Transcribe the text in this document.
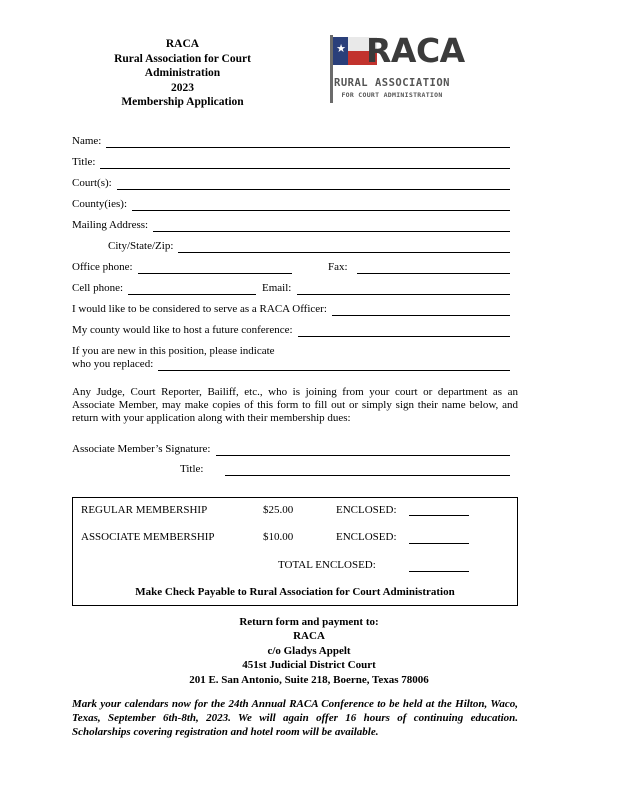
RACA
Rural Association for Court
Administration
2023
Membership Application
★ RACA
RURAL ASSOCIATION
FOR COURT ADMINISTRATION
Name:
Title:
Court(s):
County(ies):
Mailing Address:
City/State/Zip:
Office phone:	Fax:
Cell phone:	Email:
I would like to be considered to serve as a RACA Officer:
My county would like to host a future conference:
If you are new in this position, please indicate
who you replaced:
Any Judge, Court Reporter, Bailiff, etc., who is joining from your court or department as an Associate Member, may make copies of this form to fill out or simply sign their name below, and return with your application along with their membership dues:
Associate Member’s Signature:
Title:
REGULAR MEMBERSHIP	$25.00	ENCLOSED:
ASSOCIATE MEMBERSHIP	$10.00	ENCLOSED:
TOTAL ENCLOSED:
Make Check Payable to Rural Association for Court Administration
Return form and payment to:
RACA
c/o Gladys Appelt
451st Judicial District Court
201 E. San Antonio, Suite 218, Boerne, Texas 78006
Mark your calendars now for the 24th Annual RACA Conference to be held at the Hilton, Waco, Texas, September 6th-8th, 2023. We will again offer 16 hours of continuing education. Scholarships covering registration and hotel room will be available.
